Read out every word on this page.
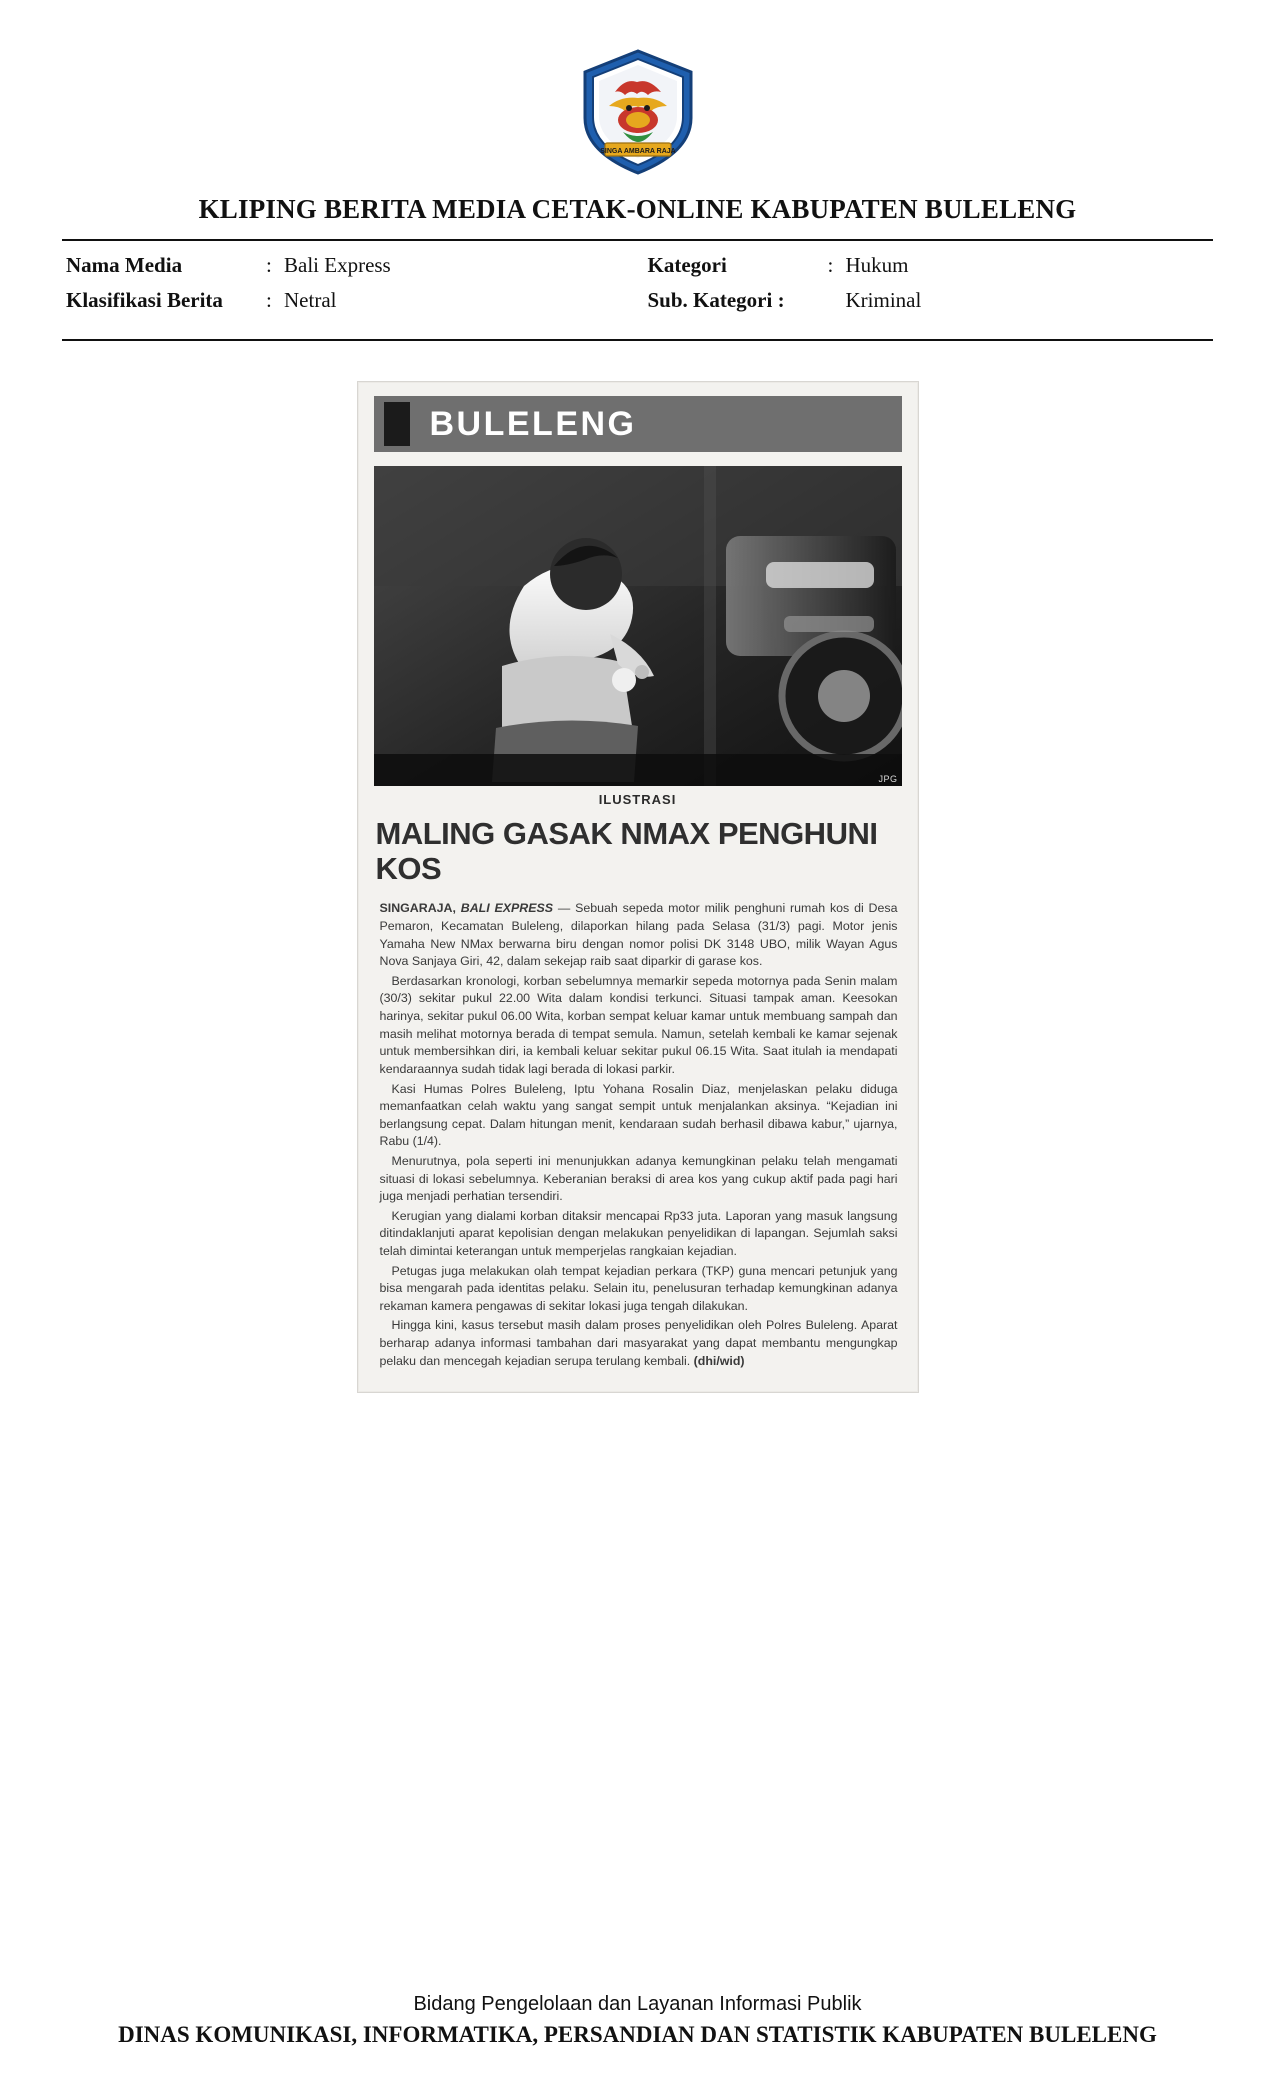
SINGA AMBARA RAJA
KLIPING BERITA MEDIA CETAK-ONLINE KABUPATEN BULELENG
Nama Media	: Bali Express	Kategori	: Hukum
Klasifikasi Berita	: Netral	Sub. Kategori :	Kriminal
BULELENG
JPG
ILUSTRASI
MALING GASAK NMAX PENGHUNI KOS

SINGARAJA, BALI EXPRESS — Sebuah sepeda motor milik penghuni rumah kos di Desa Pemaron, Kecamatan Buleleng, dilaporkan hilang pada Selasa (31/3) pagi. Motor jenis Yamaha New NMax berwarna biru dengan nomor polisi DK 3148 UBO, milik Wayan Agus Nova Sanjaya Giri, 42, dalam sekejap raib saat diparkir di garase kos.

Berdasarkan kronologi, korban sebelumnya memarkir sepeda motornya pada Senin malam (30/3) sekitar pukul 22.00 Wita dalam kondisi terkunci. Situasi tampak aman. Keesokan harinya, sekitar pukul 06.00 Wita, korban sempat keluar kamar untuk membuang sampah dan masih melihat motornya berada di tempat semula. Namun, setelah kembali ke kamar sejenak untuk membersihkan diri, ia kembali keluar sekitar pukul 06.15 Wita. Saat itulah ia mendapati kendaraannya sudah tidak lagi berada di lokasi parkir.

Kasi Humas Polres Buleleng, Iptu Yohana Rosalin Diaz, menjelaskan pelaku diduga memanfaatkan celah waktu yang sangat sempit untuk menjalankan aksinya. “Kejadian ini berlangsung cepat. Dalam hitungan menit, kendaraan sudah berhasil dibawa kabur,” ujarnya, Rabu (1/4).

Menurutnya, pola seperti ini menunjukkan adanya kemungkinan pelaku telah mengamati situasi di lokasi sebelumnya. Keberanian beraksi di area kos yang cukup aktif pada pagi hari juga menjadi perhatian tersendiri.

Kerugian yang dialami korban ditaksir mencapai Rp33 juta. Laporan yang masuk langsung ditindaklanjuti aparat kepolisian dengan melakukan penyelidikan di lapangan. Sejumlah saksi telah dimintai keterangan untuk memperjelas rangkaian kejadian.

Petugas juga melakukan olah tempat kejadian perkara (TKP) guna mencari petunjuk yang bisa mengarah pada identitas pelaku. Selain itu, penelusuran terhadap kemungkinan adanya rekaman kamera pengawas di sekitar lokasi juga tengah dilakukan.

Hingga kini, kasus tersebut masih dalam proses penyelidikan oleh Polres Buleleng. Aparat berharap adanya informasi tambahan dari masyarakat yang dapat membantu mengungkap pelaku dan mencegah kejadian serupa terulang kembali. (dhi/wid)

Bidang Pengelolaan dan Layanan Informasi Publik
DINAS KOMUNIKASI, INFORMATIKA, PERSANDIAN DAN STATISTIK KABUPATEN BULELENG
